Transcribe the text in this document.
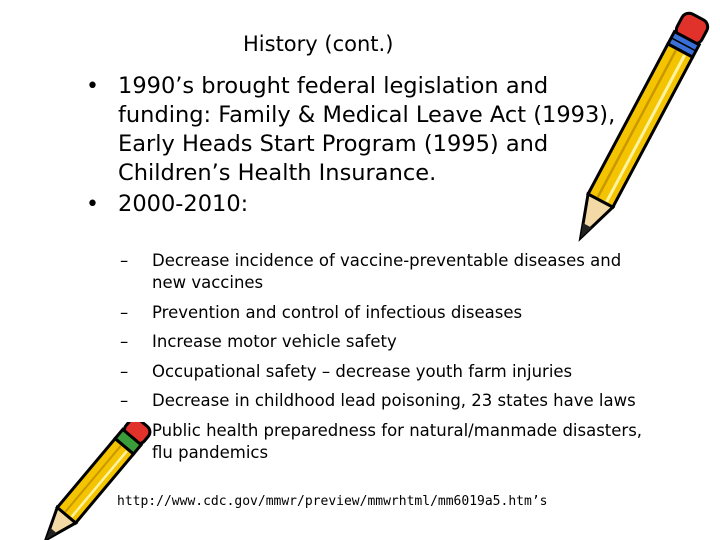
History (cont.)
• 1990’s brought federal legislation and funding: Family & Medical Leave Act (1993), Early Heads Start Program (1995) and Children’s Health Insurance.
• 2000-2010:
– Decrease incidence of vaccine-preventable diseases and new vaccines
– Prevention and control of infectious diseases
– Increase motor vehicle safety
– Occupational safety – decrease youth farm injuries
– Decrease in childhood lead poisoning, 23 states have laws
Public health preparedness for natural/manmade disasters, flu pandemics
http://www.cdc.gov/mmwr/preview/mmwrhtml/mm6019a5.htm’s
